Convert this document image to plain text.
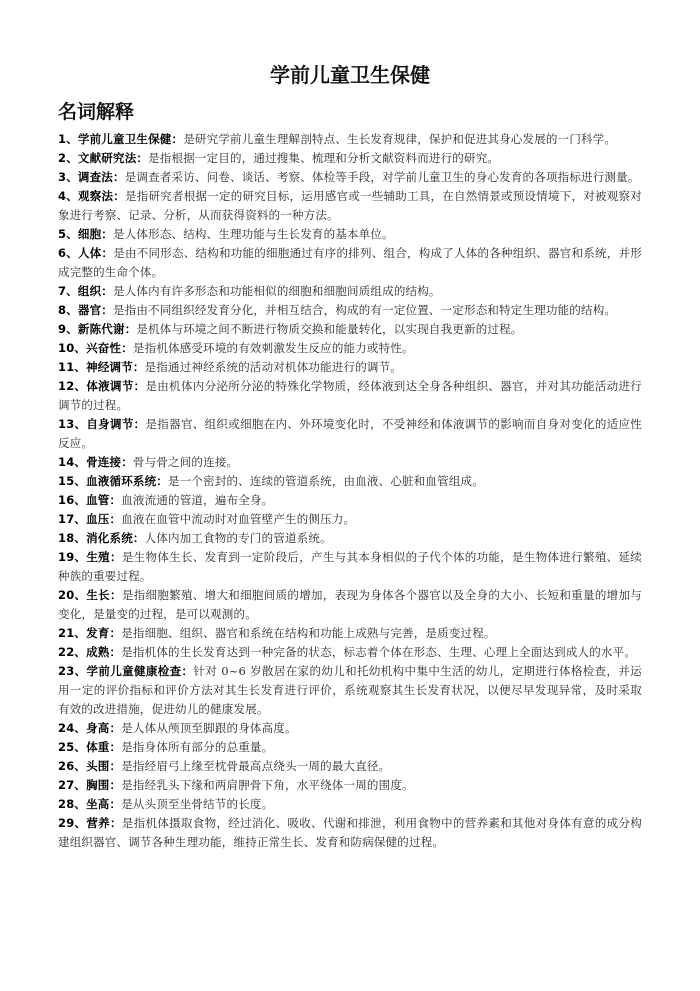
学前儿童卫生保健
名词解释
1、学前儿童卫生保健：是研究学前儿童生理解剖特点、生长发育规律，保护和促进其身心发展的一门科学。
2、文献研究法：是指根据一定目的，通过搜集、梳理和分析文献资料而进行的研究。
3、调查法：是调查者采访、问卷、谈话、考察、体检等手段，对学前儿童卫生的身心发育的各项指标进行测量。
4、观察法：是指研究者根据一定的研究目标，运用感官或一些辅助工具，在自然情景或预设情境下，对被观察对象进行考察、记录、分析，从而获得资料的一种方法。
5、细胞：是人体形态、结构、生理功能与生长发育的基本单位。
6、人体：是由不同形态、结构和功能的细胞通过有序的排列、组合，构成了人体的各种组织、器官和系统，并形成完整的生命个体。
7、组织：是人体内有许多形态和功能相似的细胞和细胞间质组成的结构。
8、器官：是指由不同组织经发育分化，并相互结合，构成的有一定位置、一定形态和特定生理功能的结构。
9、新陈代谢：是机体与环境之间不断进行物质交换和能量转化，以实现自我更新的过程。
10、兴奋性：是指机体感受环境的有效刺激发生反应的能力或特性。
11、神经调节：是指通过神经系统的活动对机体功能进行的调节。
12、体液调节：是由机体内分泌所分泌的特殊化学物质，经体液到达全身各种组织、器官，并对其功能活动进行调节的过程。
13、自身调节：是指器官、组织或细胞在内、外环境变化时，不受神经和体液调节的影响而自身对变化的适应性反应。
14、骨连接：骨与骨之间的连接。
15、血液循环系统：是一个密封的、连续的管道系统，由血液、心脏和血管组成。
16、血管：血液流通的管道，遍布全身。
17、血压：血液在血管中流动时对血管壁产生的侧压力。
18、消化系统：人体内加工食物的专门的管道系统。
19、生殖：是生物体生长、发育到一定阶段后，产生与其本身相似的子代个体的功能，是生物体进行繁殖、延续种族的重要过程。
20、生长：是指细胞繁殖、增大和细胞间质的增加，表现为身体各个器官以及全身的大小、长短和重量的增加与变化，是量变的过程，是可以观测的。
21、发育：是指细胞、组织、器官和系统在结构和功能上成熟与完善，是质变过程。
22、成熟：是指机体的生长发育达到一种完备的状态，标志着个体在形态、生理、心理上全面达到成人的水平。
23、学前儿童健康检查：针对 0~6 岁散居在家的幼儿和托幼机构中集中生活的幼儿，定期进行体格检查，并运用一定的评价指标和评价方法对其生长发育进行评价，系统观察其生长发育状况，以便尽早发现异常，及时采取有效的改进措施，促进幼儿的健康发展。
24、身高：是人体从颅顶至脚跟的身体高度。
25、体重：是指身体所有部分的总重量。
26、头围：是指经眉弓上缘至枕骨最高点绕头一周的最大直径。
27、胸围：是指经乳头下缘和两肩胛骨下角，水平绕体一周的围度。
28、坐高：是从头顶至坐骨结节的长度。
29、营养：是指机体摄取食物，经过消化、吸收、代谢和排泄，利用食物中的营养素和其他对身体有意的成分构建组织器官、调节各种生理功能，维持正常生长、发育和防病保健的过程。
